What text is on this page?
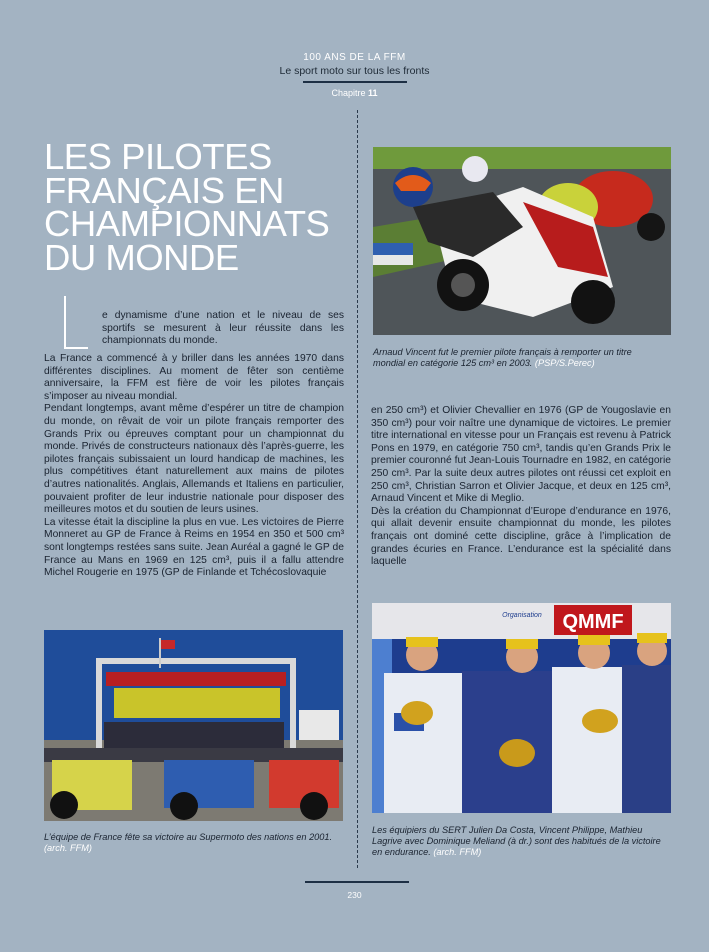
100 ANS DE LA FFM
Le sport moto sur tous les fronts
Chapitre 11
LES PILOTES
FRANÇAIS EN
CHAMPIONNATS
DU MONDE

e dynamisme d’une nation et le niveau de ses sportifs se mesurent à leur réussite dans les championnats du monde.

La France a commencé à y briller dans les années 1970 dans différentes disciplines. Au moment de fêter son centième anniversaire, la FFM est fière de voir les pilotes français s’imposer au niveau mondial.

Pendant longtemps, avant même d’espérer un titre de champion du monde, on rêvait de voir un pilote français remporter des Grands Prix ou épreuves comptant pour un championnat du monde. Privés de constructeurs nationaux dès l’après-guerre, les pilotes français subissaient un lourd handicap de machines, les plus compétitives étant naturellement aux mains de pilotes d’autres nationalités. Anglais, Allemands et Italiens en particulier, pouvaient profiter de leur industrie nationale pour disposer des meilleures motos et du soutien de leurs usines.

La vitesse était la discipline la plus en vue. Les victoires de Pierre Monneret au GP de France à Reims en 1954 en 350 et 500 cm³ sont longtemps restées sans suite. Jean Auréal a gagné le GP de France au Mans en 1969 en 125 cm³, puis il a fallu attendre Michel Rougerie en 1975 (GP de Finlande et Tchécoslovaquie

en 250 cm³) et Olivier Chevallier en 1976 (GP de Yougoslavie en 350 cm³) pour voir naître une dynamique de victoires. Le premier titre international en vitesse pour un Français est revenu à Patrick Pons en 1979, en catégorie 750 cm³, tandis qu’en Grands Prix le premier couronné fut Jean-Louis Tournadre en 1982, en catégorie 250 cm³. Par la suite deux autres pilotes ont réussi cet exploit en 250 cm³, Christian Sarron et Olivier Jacque, et deux en 125 cm³, Arnaud Vincent et Mike di Meglio.

Dès la création du Championnat d’Europe d’endurance en 1976, qui allait devenir ensuite championnat du monde, les pilotes français ont dominé cette discipline, grâce à l’implication de grandes écuries en France. L’endurance est la spécialité dans laquelle

Arnaud Vincent fut le premier pilote français à remporter un titre mondial en catégorie 125 cm³ en 2003. (PSP/S.Perec)
L’équipe de France fête sa victoire au Supermoto des nations en 2001. (arch. FFM)
QMMF
Organisation
Les équipiers du SERT Julien Da Costa, Vincent Philippe, Mathieu Lagrive avec Dominique Meliand (à dr.) sont des habitués de la victoire en endurance. (arch. FFM)
230
